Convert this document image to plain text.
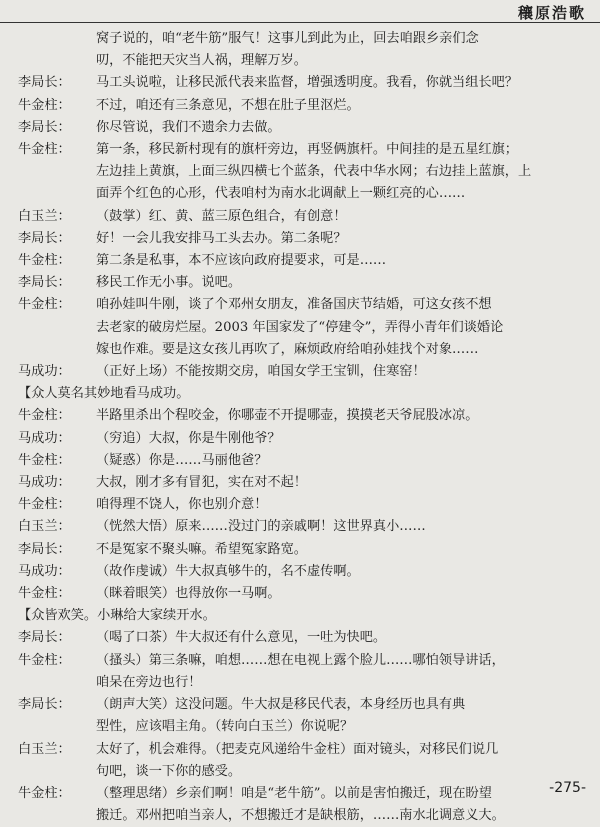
穰原浩歌
窝子说的，咱“老牛筋”服气！这事儿到此为止，回去咱跟乡亲们念
叨，不能把天灾当人祸，理解万岁。
李局长：	马工头说啦，让移民派代表来监督，增强透明度。我看，你就当组长吧？
牛金柱：	不过，咱还有三条意见，不想在肚子里沤烂。
李局长：	你尽管说，我们不遗余力去做。
牛金柱：	第一条，移民新村现有的旗杆旁边，再竖俩旗杆。中间挂的是五星红旗；
左边挂上黄旗，上面三纵四横七个蓝条，代表中华水网；右边挂上蓝旗，上
面弄个红色的心形，代表咱村为南水北调献上一颗红亮的心……
白玉兰：	（鼓掌）红、黄、蓝三原色组合，有创意！
李局长：	好！一会儿我安排马工头去办。第二条呢？
牛金柱：	第二条是私事，本不应该向政府提要求，可是……
李局长：	移民工作无小事。说吧。
牛金柱：	咱孙娃叫牛刚，谈了个邓州女朋友，准备国庆节结婚，可这女孩不想
去老家的破房烂屋。2003 年国家发了“停建令”，弄得小青年们谈婚论
嫁也作难。要是这女孩儿再吹了，麻烦政府给咱孙娃找个对象……
马成功：	（正好上场）不能按期交房，咱国女学王宝钏，住寒窑！
【 众人莫名其妙地看马成功。
牛金柱：	半路里杀出个程咬金，你哪壶不开提哪壶，摸摸老天爷屁股冰凉。
马成功：	（穷追）大叔，你是牛刚他爷？
牛金柱：	（疑惑）你是……马丽他爸？
马成功：	大叔，刚才多有冒犯，实在对不起！
牛金柱：	咱得理不饶人，你也别介意！
白玉兰：	（恍然大悟）原来……没过门的亲戚啊！这世界真小……
李局长：	不是冤家不聚头嘛。希望冤家路宽。
马成功：	（故作虔诚）牛大叔真够牛的，名不虚传啊。
牛金柱：	（眯着眼笑）也得放你一马啊。
【 众皆欢笑。小琳给大家续开水。
李局长：	（喝了口茶）牛大叔还有什么意见，一吐为快吧。
牛金柱：	（搔头）第三条嘛，咱想……想在电视上露个脸儿……哪怕领导讲话，
咱呆在旁边也行！
李局长：	（朗声大笑）这没问题。牛大叔是移民代表，本身经历也具有典
型性，应该唱主角。（转向白玉兰）你说呢？
白玉兰：	太好了，机会难得。（把麦克风递给牛金柱）面对镜头，对移民们说几
句吧，谈一下你的感受。
牛金柱：	（整理思绪）乡亲们啊！咱是“老牛筋”。以前是害怕搬迁，现在盼望
搬迁。邓州把咱当亲人，不想搬迁才是缺根筋，……南水北调意义大。
-275-
